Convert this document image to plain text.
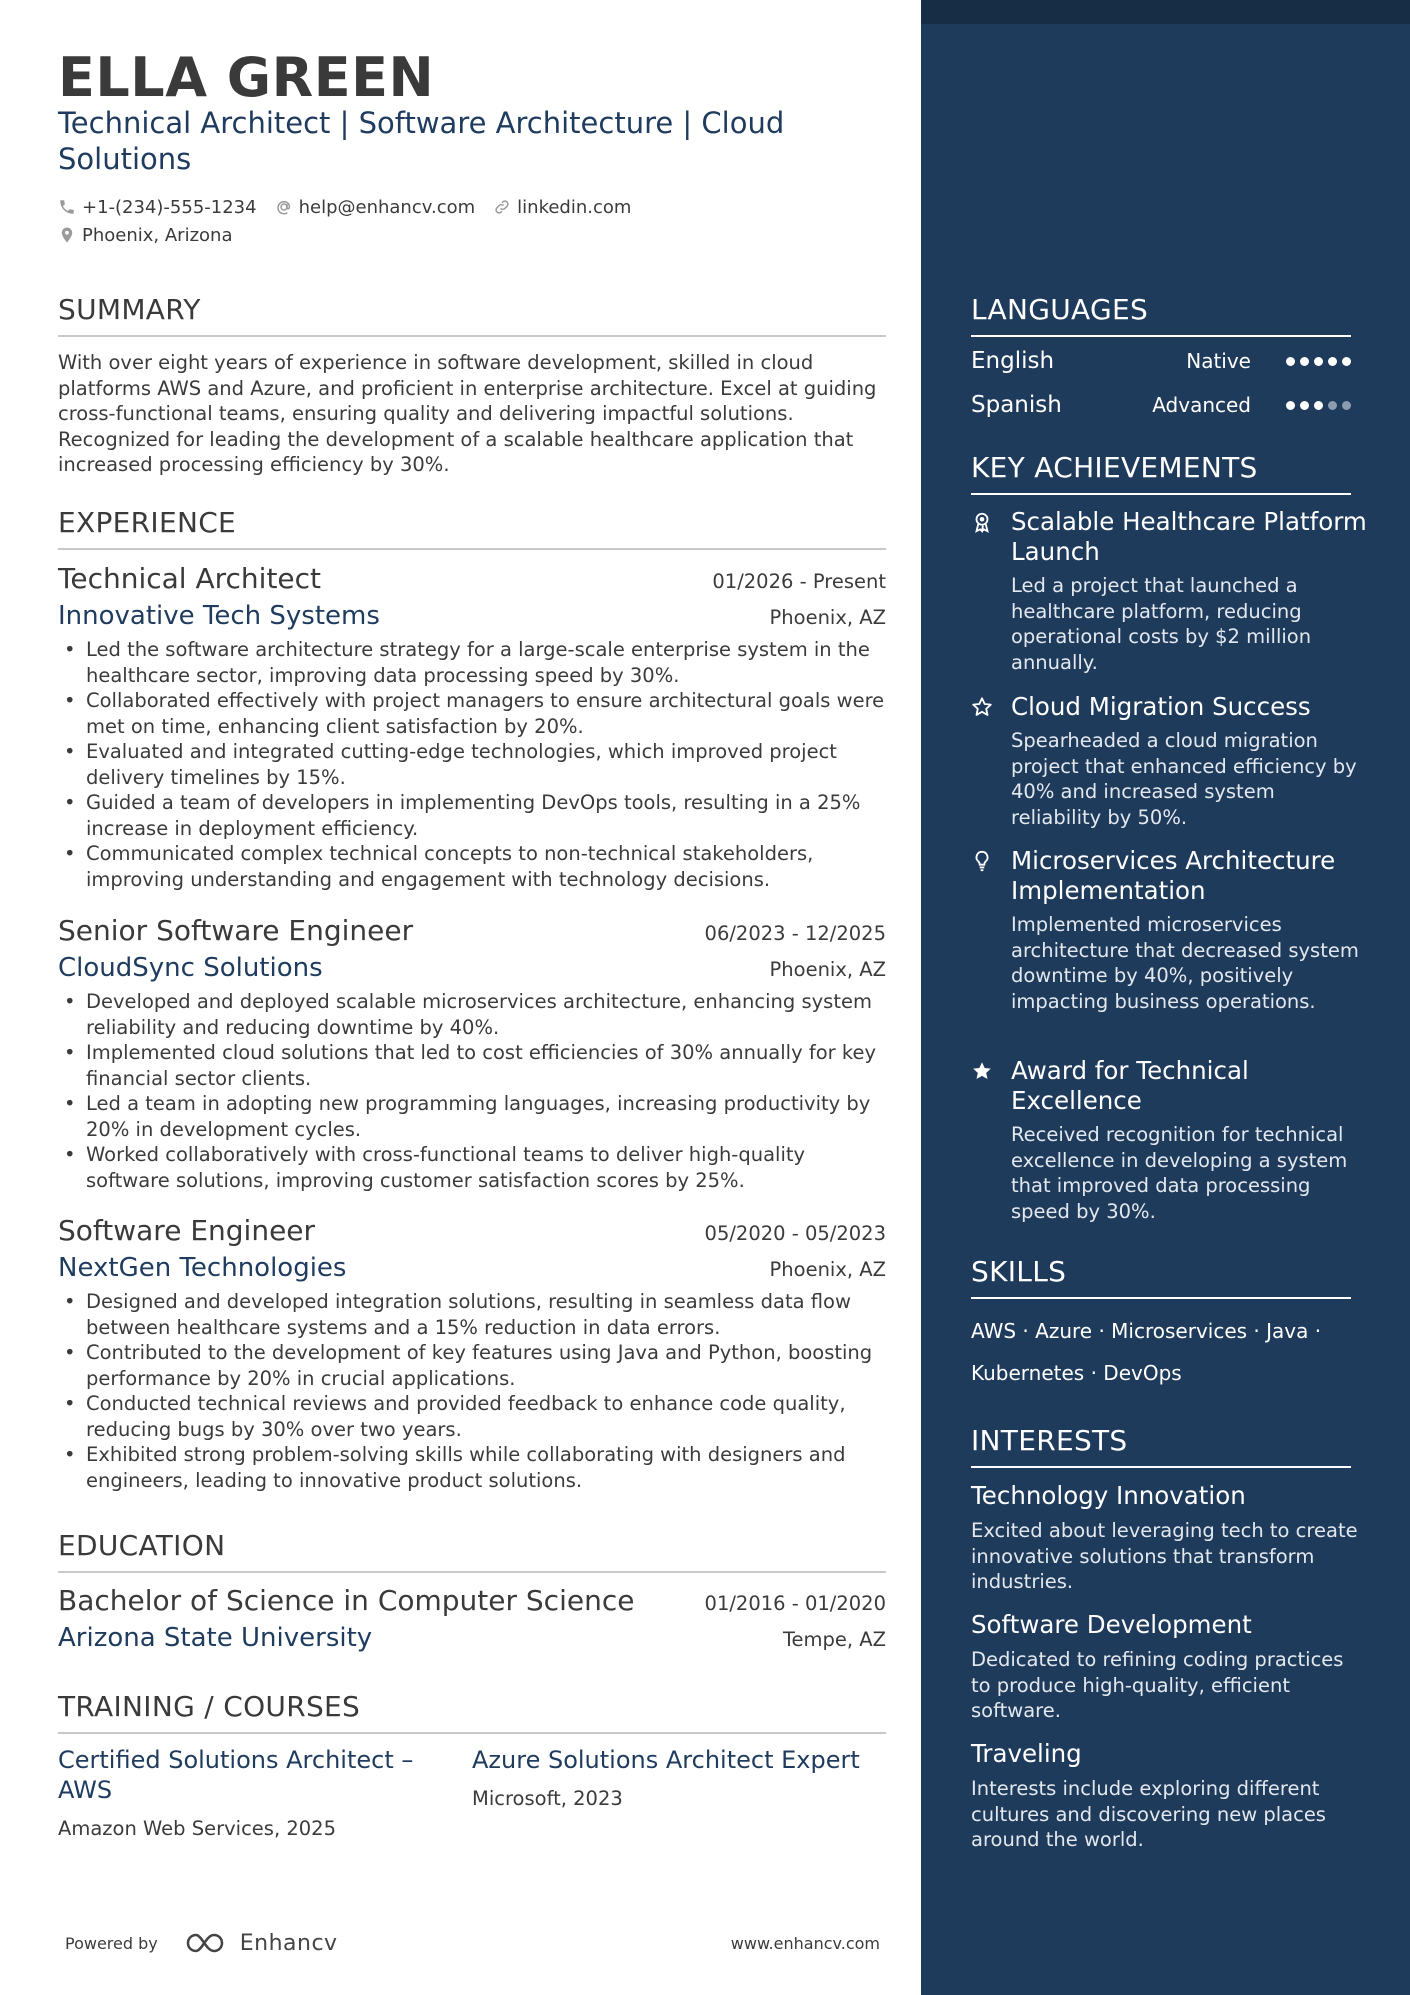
ELLA GREEN
Technical Architect | Software Architecture | Cloud Solutions
+1-(234)-555-1234 help@enhancv.com linkedin.com
Phoenix, Arizona
SUMMARY
With over eight years of experience in software development, skilled in cloud platforms AWS and Azure, and proficient in enterprise architecture. Excel at guiding cross-functional teams, ensuring quality and delivering impactful solutions. Recognized for leading the development of a scalable healthcare application that increased processing efficiency by 30%.
EXPERIENCE
Technical Architect	01/2026 - Present
Innovative Tech Systems	Phoenix, AZ
• Led the software architecture strategy for a large-scale enterprise system in the healthcare sector, improving data processing speed by 30%.
• Collaborated effectively with project managers to ensure architectural goals were met on time, enhancing client satisfaction by 20%.
• Evaluated and integrated cutting-edge technologies, which improved project delivery timelines by 15%.
• Guided a team of developers in implementing DevOps tools, resulting in a 25% increase in deployment efficiency.
• Communicated complex technical concepts to non-technical stakeholders, improving understanding and engagement with technology decisions.
Senior Software Engineer	06/2023 - 12/2025
CloudSync Solutions	Phoenix, AZ
• Developed and deployed scalable microservices architecture, enhancing system reliability and reducing downtime by 40%.
• Implemented cloud solutions that led to cost efficiencies of 30% annually for key financial sector clients.
• Led a team in adopting new programming languages, increasing productivity by 20% in development cycles.
• Worked collaboratively with cross-functional teams to deliver high-quality software solutions, improving customer satisfaction scores by 25%.
Software Engineer	05/2020 - 05/2023
NextGen Technologies	Phoenix, AZ
• Designed and developed integration solutions, resulting in seamless data flow between healthcare systems and a 15% reduction in data errors.
• Contributed to the development of key features using Java and Python, boosting performance by 20% in crucial applications.
• Conducted technical reviews and provided feedback to enhance code quality, reducing bugs by 30% over two years.
• Exhibited strong problem-solving skills while collaborating with designers and engineers, leading to innovative product solutions.
EDUCATION
Bachelor of Science in Computer Science	01/2016 - 01/2020
Arizona State University	Tempe, AZ
TRAINING / COURSES
Certified Solutions Architect – AWS
Amazon Web Services, 2025
Azure Solutions Architect Expert
Microsoft, 2023
Powered by	Enhancv	www.enhancv.com
LANGUAGES
English	Native
Spanish	Advanced
KEY ACHIEVEMENTS
Scalable Healthcare Platform Launch
Led a project that launched a healthcare platform, reducing operational costs by $2 million annually.
Cloud Migration Success
Spearheaded a cloud migration project that enhanced efficiency by 40% and increased system reliability by 50%.
Microservices Architecture Implementation
Implemented microservices architecture that decreased system downtime by 40%, positively impacting business operations.
Award for Technical Excellence
Received recognition for technical excellence in developing a system that improved data processing speed by 30%.
SKILLS
AWS · Azure · Microservices · Java ·
Kubernetes · DevOps
INTERESTS
Technology Innovation
Excited about leveraging tech to create innovative solutions that transform industries.
Software Development
Dedicated to refining coding practices to produce high-quality, efficient software.
Traveling
Interests include exploring different cultures and discovering new places around the world.
